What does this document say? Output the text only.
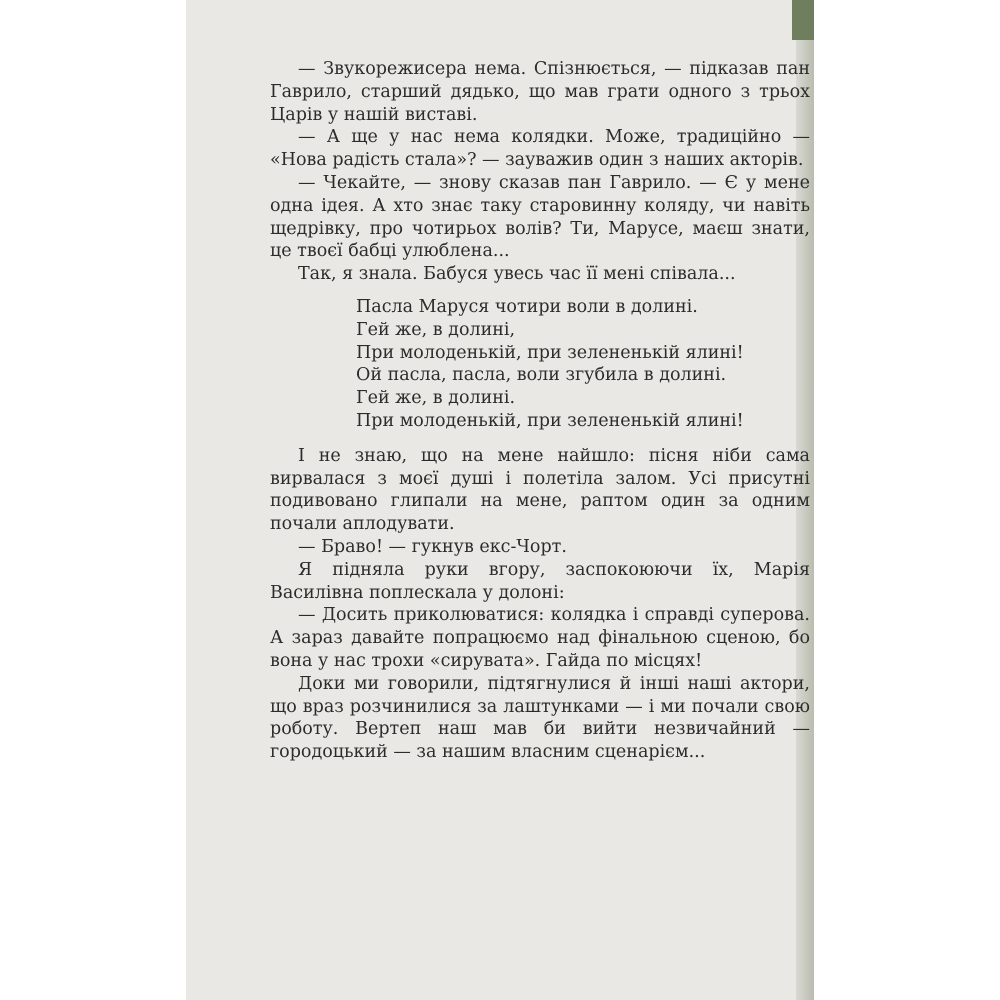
— Звукорежисера нема. Спізнюється, — підказав пан Гаврило, старший дядько, що мав грати одного з трьох Царів у нашій виставі.

— А ще у нас нема колядки. Може, традиційно — «Нова радість стала»? — зауважив один з наших акторів.

— Чекайте, — знову сказав пан Гаврило. — Є у мене одна ідея. А хто знає таку старовинну коляду, чи навіть щедрівку, про чотирьох волів? Ти, Марусе, маєш знати, це твоєї бабці улюблена...

Так, я знала. Бабуся увесь час її мені співала...

Пасла Маруся чотири воли в долині.
Гей же, в долині,
При молоденькій, при зелененькій ялині!
Ой пасла, пасла, воли згубила в долині.
Гей же, в долині.
При молоденькій, при зелененькій ялині!

І не знаю, що на мене найшло: пісня ніби сама вирвалася з моєї душі і полетіла залом. Усі присутні подивовано глипали на мене, раптом один за одним почали аплодувати.

— Браво! — гукнув екс-Чорт.

Я підняла руки вгору, заспокоюючи їх, Марія Василівна поплескала у долоні:

— Досить приколюватися: колядка і справді суперова. А зараз давайте попрацюємо над фінальною сценою, бо вона у нас трохи «сирувата». Гайда по місцях!

Доки ми говорили, підтягнулися й інші наші актори, що враз розчинилися за лаштунками — і ми почали свою роботу. Вертеп наш мав би вийти незвичайний — городоцький — за нашим власним сценарієм...
